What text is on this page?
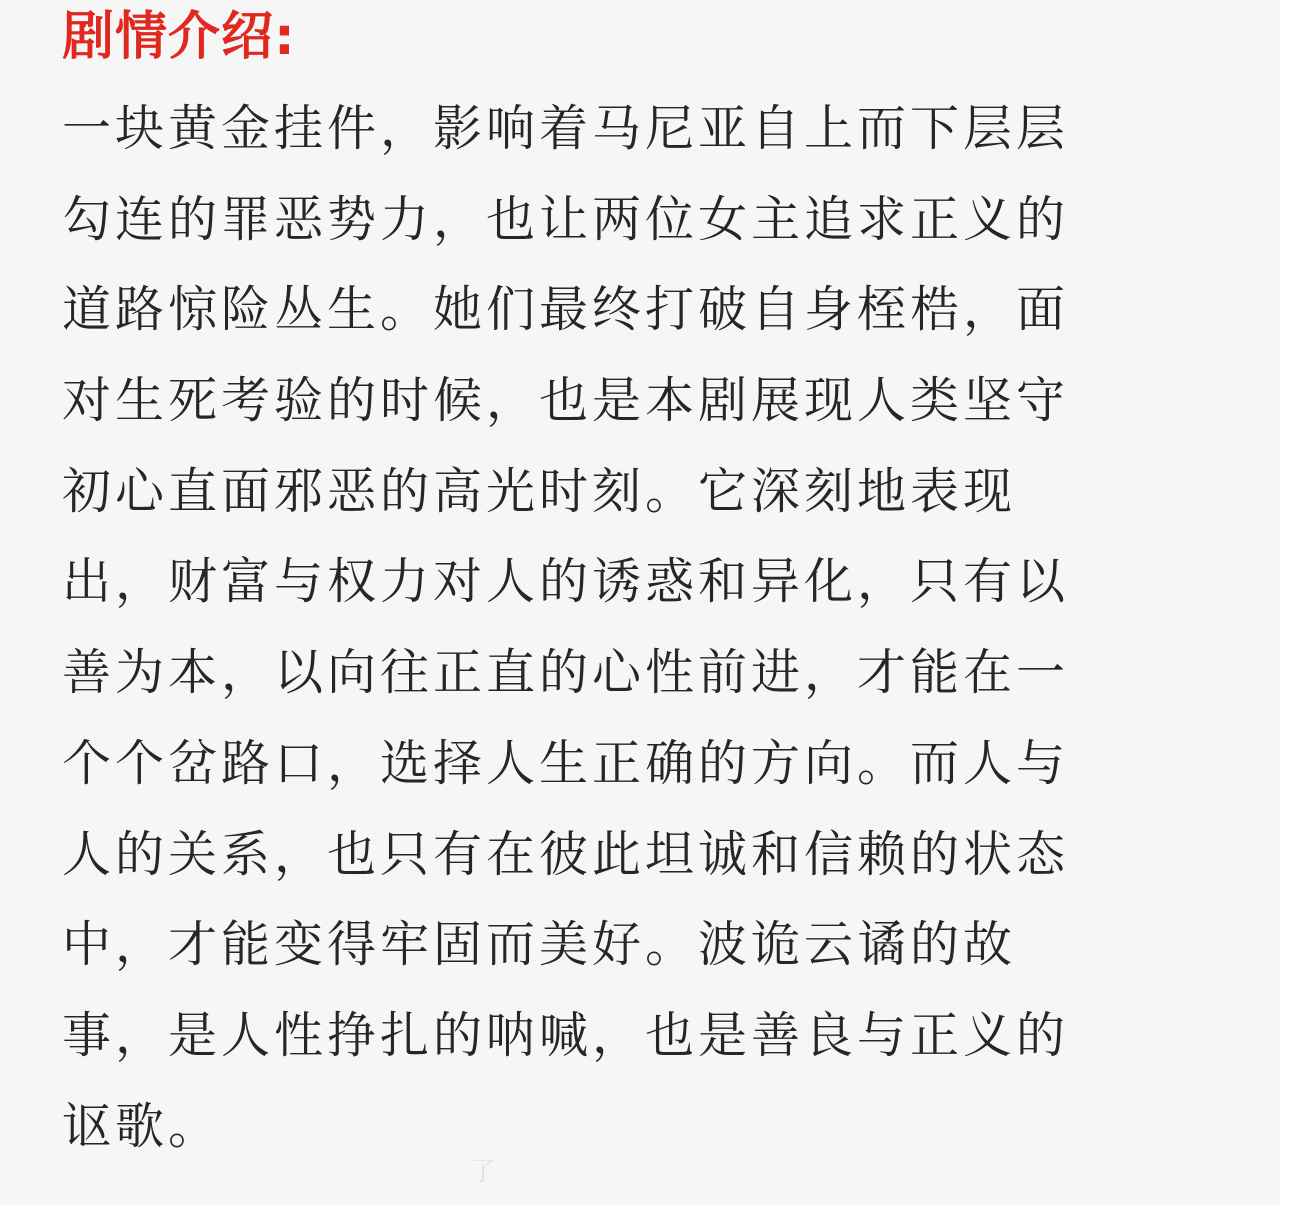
剧情介绍:
一块黄金挂件，影响着马尼亚自上而下层层
勾连的罪恶势力，也让两位女主追求正义的
道路惊险丛生。她们最终打破自身桎梏，面
对生死考验的时候，也是本剧展现人类坚守
初心直面邪恶的高光时刻。它深刻地表现
出，财富与权力对人的诱惑和异化，只有以
善为本，以向往正直的心性前进，才能在一
个个岔路口，选择人生正确的方向。而人与
人的关系，也只有在彼此坦诚和信赖的状态
中，才能变得牢固而美好。波诡云谲的故
事，是人性挣扎的呐喊，也是善良与正义的
讴歌。
了
